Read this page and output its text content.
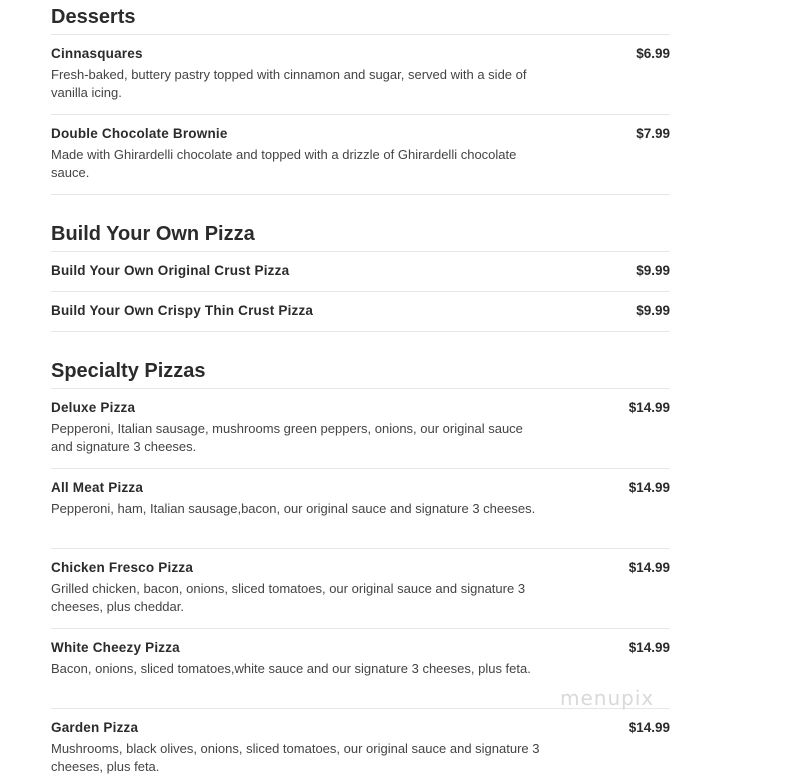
Desserts
Cinnasquares	$6.99
Fresh-baked, buttery pastry topped with cinnamon and sugar, served with a side of vanilla icing.
Double Chocolate Brownie	$7.99
Made with Ghirardelli chocolate and topped with a drizzle of Ghirardelli chocolate sauce.
Build Your Own Pizza
Build Your Own Original Crust Pizza	$9.99
Build Your Own Crispy Thin Crust Pizza	$9.99
Specialty Pizzas
Deluxe Pizza	$14.99
Pepperoni, Italian sausage, mushrooms green peppers, onions, our original sauce and signature 3 cheeses.
All Meat Pizza	$14.99
Pepperoni, ham, Italian sausage,bacon, our original sauce and signature 3 cheeses.
Chicken Fresco Pizza	$14.99
Grilled chicken, bacon, onions, sliced tomatoes, our original sauce and signature 3 cheeses, plus cheddar.
White Cheezy Pizza	$14.99
Bacon, onions, sliced tomatoes,white sauce and our signature 3 cheeses, plus feta.
Garden Pizza	$14.99
Mushrooms, black olives, onions, sliced tomatoes, our original sauce and signature 3 cheeses, plus feta.
menupix
